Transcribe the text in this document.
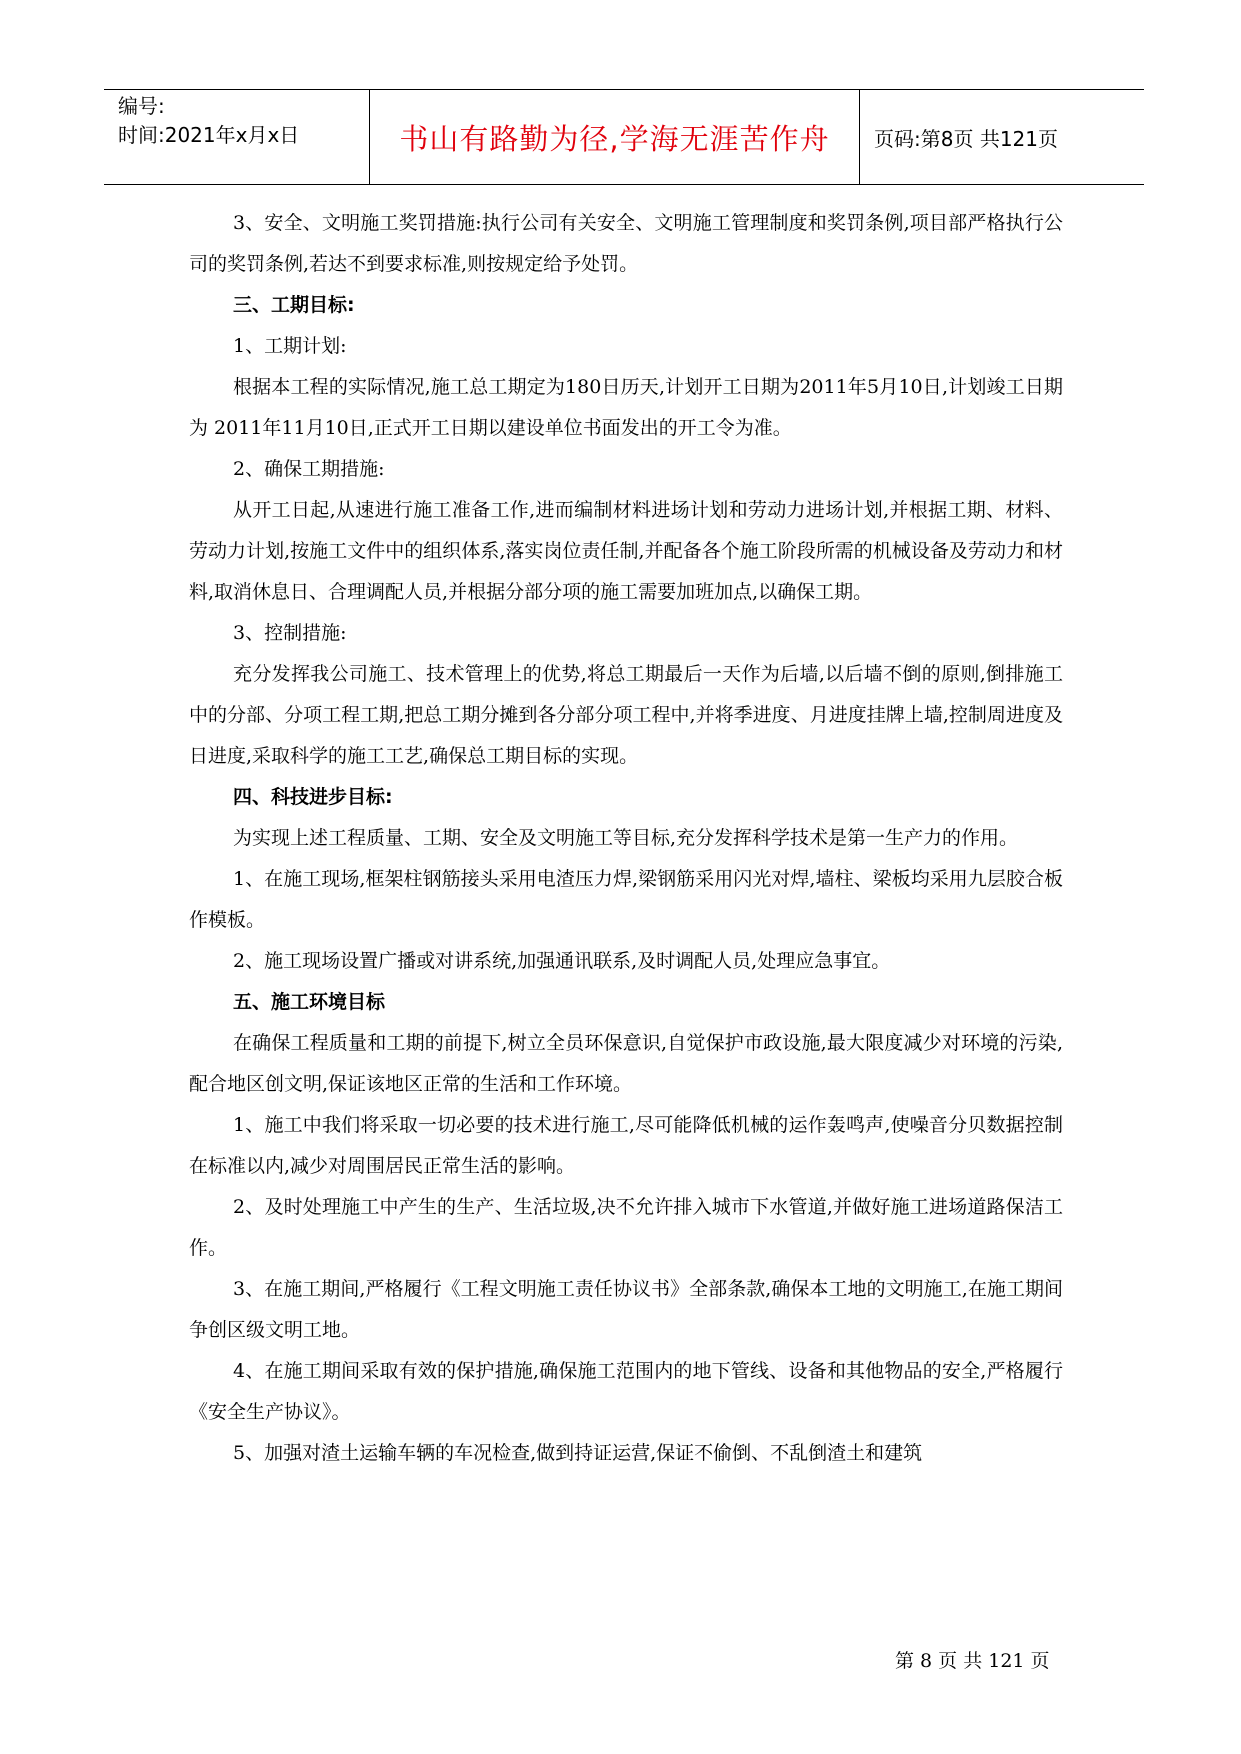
编号:
时间:2021年x月x日	书山有路勤为径,学海无涯苦作舟 页码:第8页 共121页

3、安全、文明施工奖罚措施:执行公司有关安全、文明施工管理制度和奖罚条例,项目部严格执行公司的奖罚条例,若达不到要求标准,则按规定给予处罚。

三、工期目标:

1、工期计划:

根据本工程的实际情况,施工总工期定为180日历天,计划开工日期为2011年5月10日,计划竣工日期为 2011年11月10日,正式开工日期以建设单位书面发出的开工令为准。

2、确保工期措施:

从开工日起,从速进行施工准备工作,进而编制材料进场计划和劳动力进场计划,并根据工期、材料、劳动力计划,按施工文件中的组织体系,落实岗位责任制,并配备各个施工阶段所需的机械设备及劳动力和材料,取消休息日、合理调配人员,并根据分部分项的施工需要加班加点,以确保工期。

3、控制措施:

充分发挥我公司施工、技术管理上的优势,将总工期最后一天作为后墙,以后墙不倒的原则,倒排施工中的分部、分项工程工期,把总工期分摊到各分部分项工程中,并将季进度、月进度挂牌上墙,控制周进度及日进度,采取科学的施工工艺,确保总工期目标的实现。

四、科技进步目标:

为实现上述工程质量、工期、安全及文明施工等目标,充分发挥科学技术是第一生产力的作用。

1、在施工现场,框架柱钢筋接头采用电渣压力焊,梁钢筋采用闪光对焊,墙柱、梁板均采用九层胶合板作模板。

2、施工现场设置广播或对讲系统,加强通讯联系,及时调配人员,处理应急事宜。

五、施工环境目标

在确保工程质量和工期的前提下,树立全员环保意识,自觉保护市政设施,最大限度减少对环境的污染,配合地区创文明,保证该地区正常的生活和工作环境。

1、施工中我们将采取一切必要的技术进行施工,尽可能降低机械的运作轰鸣声,使噪音分贝数据控制在标准以内,减少对周围居民正常生活的影响。

2、及时处理施工中产生的生产、生活垃圾,决不允许排入城市下水管道,并做好施工进场道路保洁工作。

3、在施工期间,严格履行《工程文明施工责任协议书》全部条款,确保本工地的文明施工,在施工期间争创区级文明工地。

4、在施工期间采取有效的保护措施,确保施工范围内的地下管线、设备和其他物品的安全,严格履行《安全生产协议》。

5、加强对渣土运输车辆的车况检查,做到持证运营,保证不偷倒、不乱倒渣土和建筑

第 8 页 共 121 页
